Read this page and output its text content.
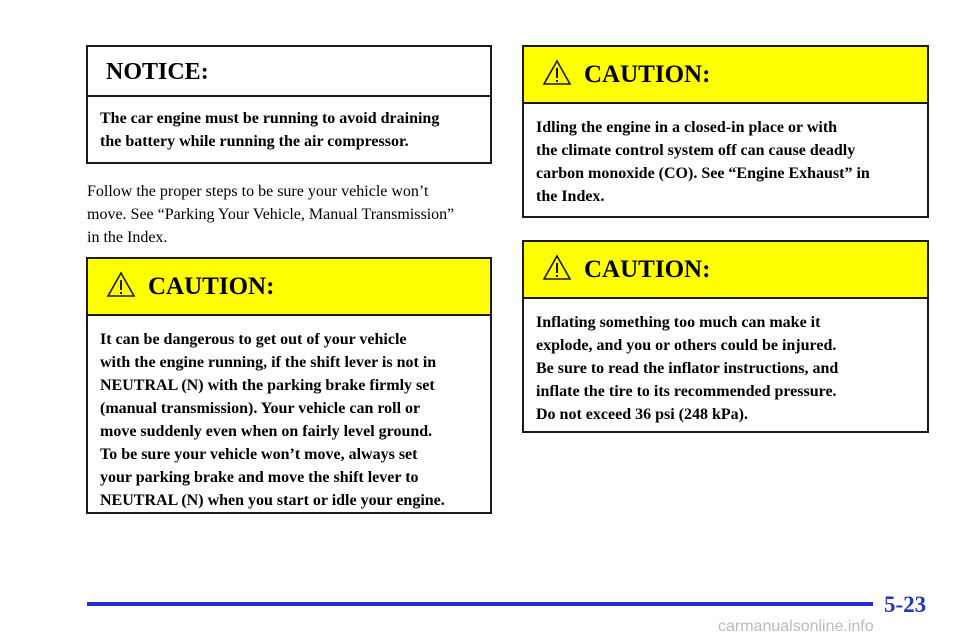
NOTICE:
The car engine must be running to avoid draining
the battery while running the air compressor.
Follow the proper steps to be sure your vehicle won’t
move. See “Parking Your Vehicle, Manual Transmission”
in the Index.
CAUTION:
It can be dangerous to get out of your vehicle
with the engine running, if the shift lever is not in
NEUTRAL (N) with the parking brake firmly set
(manual transmission). Your vehicle can roll or
move suddenly even when on fairly level ground.
To be sure your vehicle won’t move, always set
your parking brake and move the shift lever to
NEUTRAL (N) when you start or idle your engine.
CAUTION:
Idling the engine in a closed-in place or with
the climate control system off can cause deadly
carbon monoxide (CO). See “Engine Exhaust” in
the Index.
CAUTION:
Inflating something too much can make it
explode, and you or others could be injured.
Be sure to read the inflator instructions, and
inflate the tire to its recommended pressure.
Do not exceed 36 psi (248 kPa).
5-23
carmanualsonline.info
